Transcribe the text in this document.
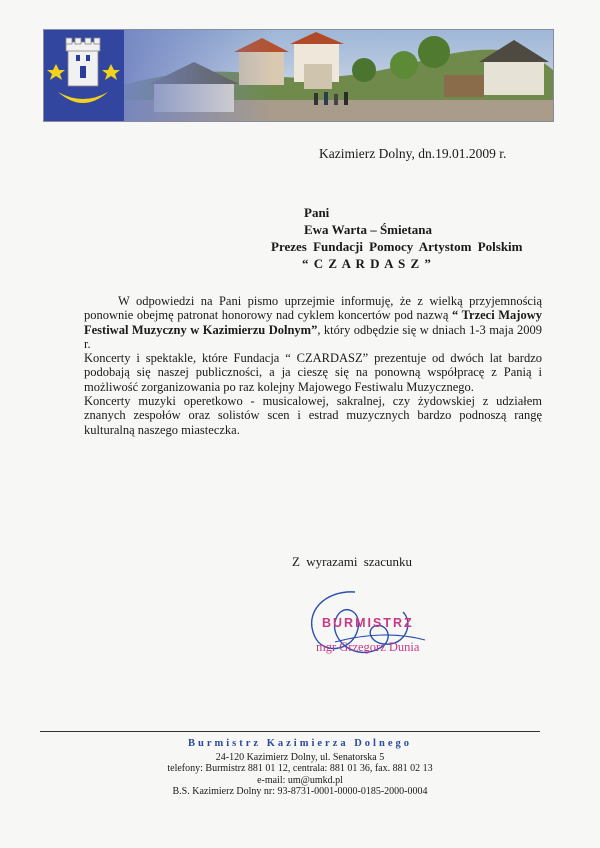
Kazimierz Dolny, dn.19.01.2009 r.
Pani
Ewa Warta – Śmietana
Prezes Fundacji Pomocy Artystom Polskim
“ C Z A R D A S Z ”

W odpowiedzi na Pani pismo uprzejmie informuję, że z wielką przyjemnością ponownie obejmę patronat honorowy nad cyklem koncertów pod nazwą “ Trzeci Majowy Festiwal Muzyczny w Kazimierzu Dolnym”, który odbędzie się w dniach 1-3 maja 2009 r.

Koncerty i spektakle, które Fundacja “ CZARDASZ” prezentuje od dwóch lat bardzo podobają się naszej publiczności, a ja cieszę się na ponowną współpracę z Panią i możliwość zorganizowania po raz kolejny Majowego Festiwalu Muzycznego.

Koncerty muzyki operetkowo - musicalowej, sakralnej, czy żydowskiej z udziałem znanych zespołów oraz solistów scen i estrad muzycznych bardzo podnoszą rangę kulturalną naszego miasteczka.

Z wyrazami szacunku
BURMISTRZ
mgr Grzegorz Dunia
Burmistrz Kazimierza Dolnego
24-120 Kazimierz Dolny, ul. Senatorska 5
telefony: Burmistrz 881 01 12, centrala: 881 01 36, fax. 881 02 13
e-mail: um@umkd.pl
B.S. Kazimierz Dolny nr: 93-8731-0001-0000-0185-2000-0004
